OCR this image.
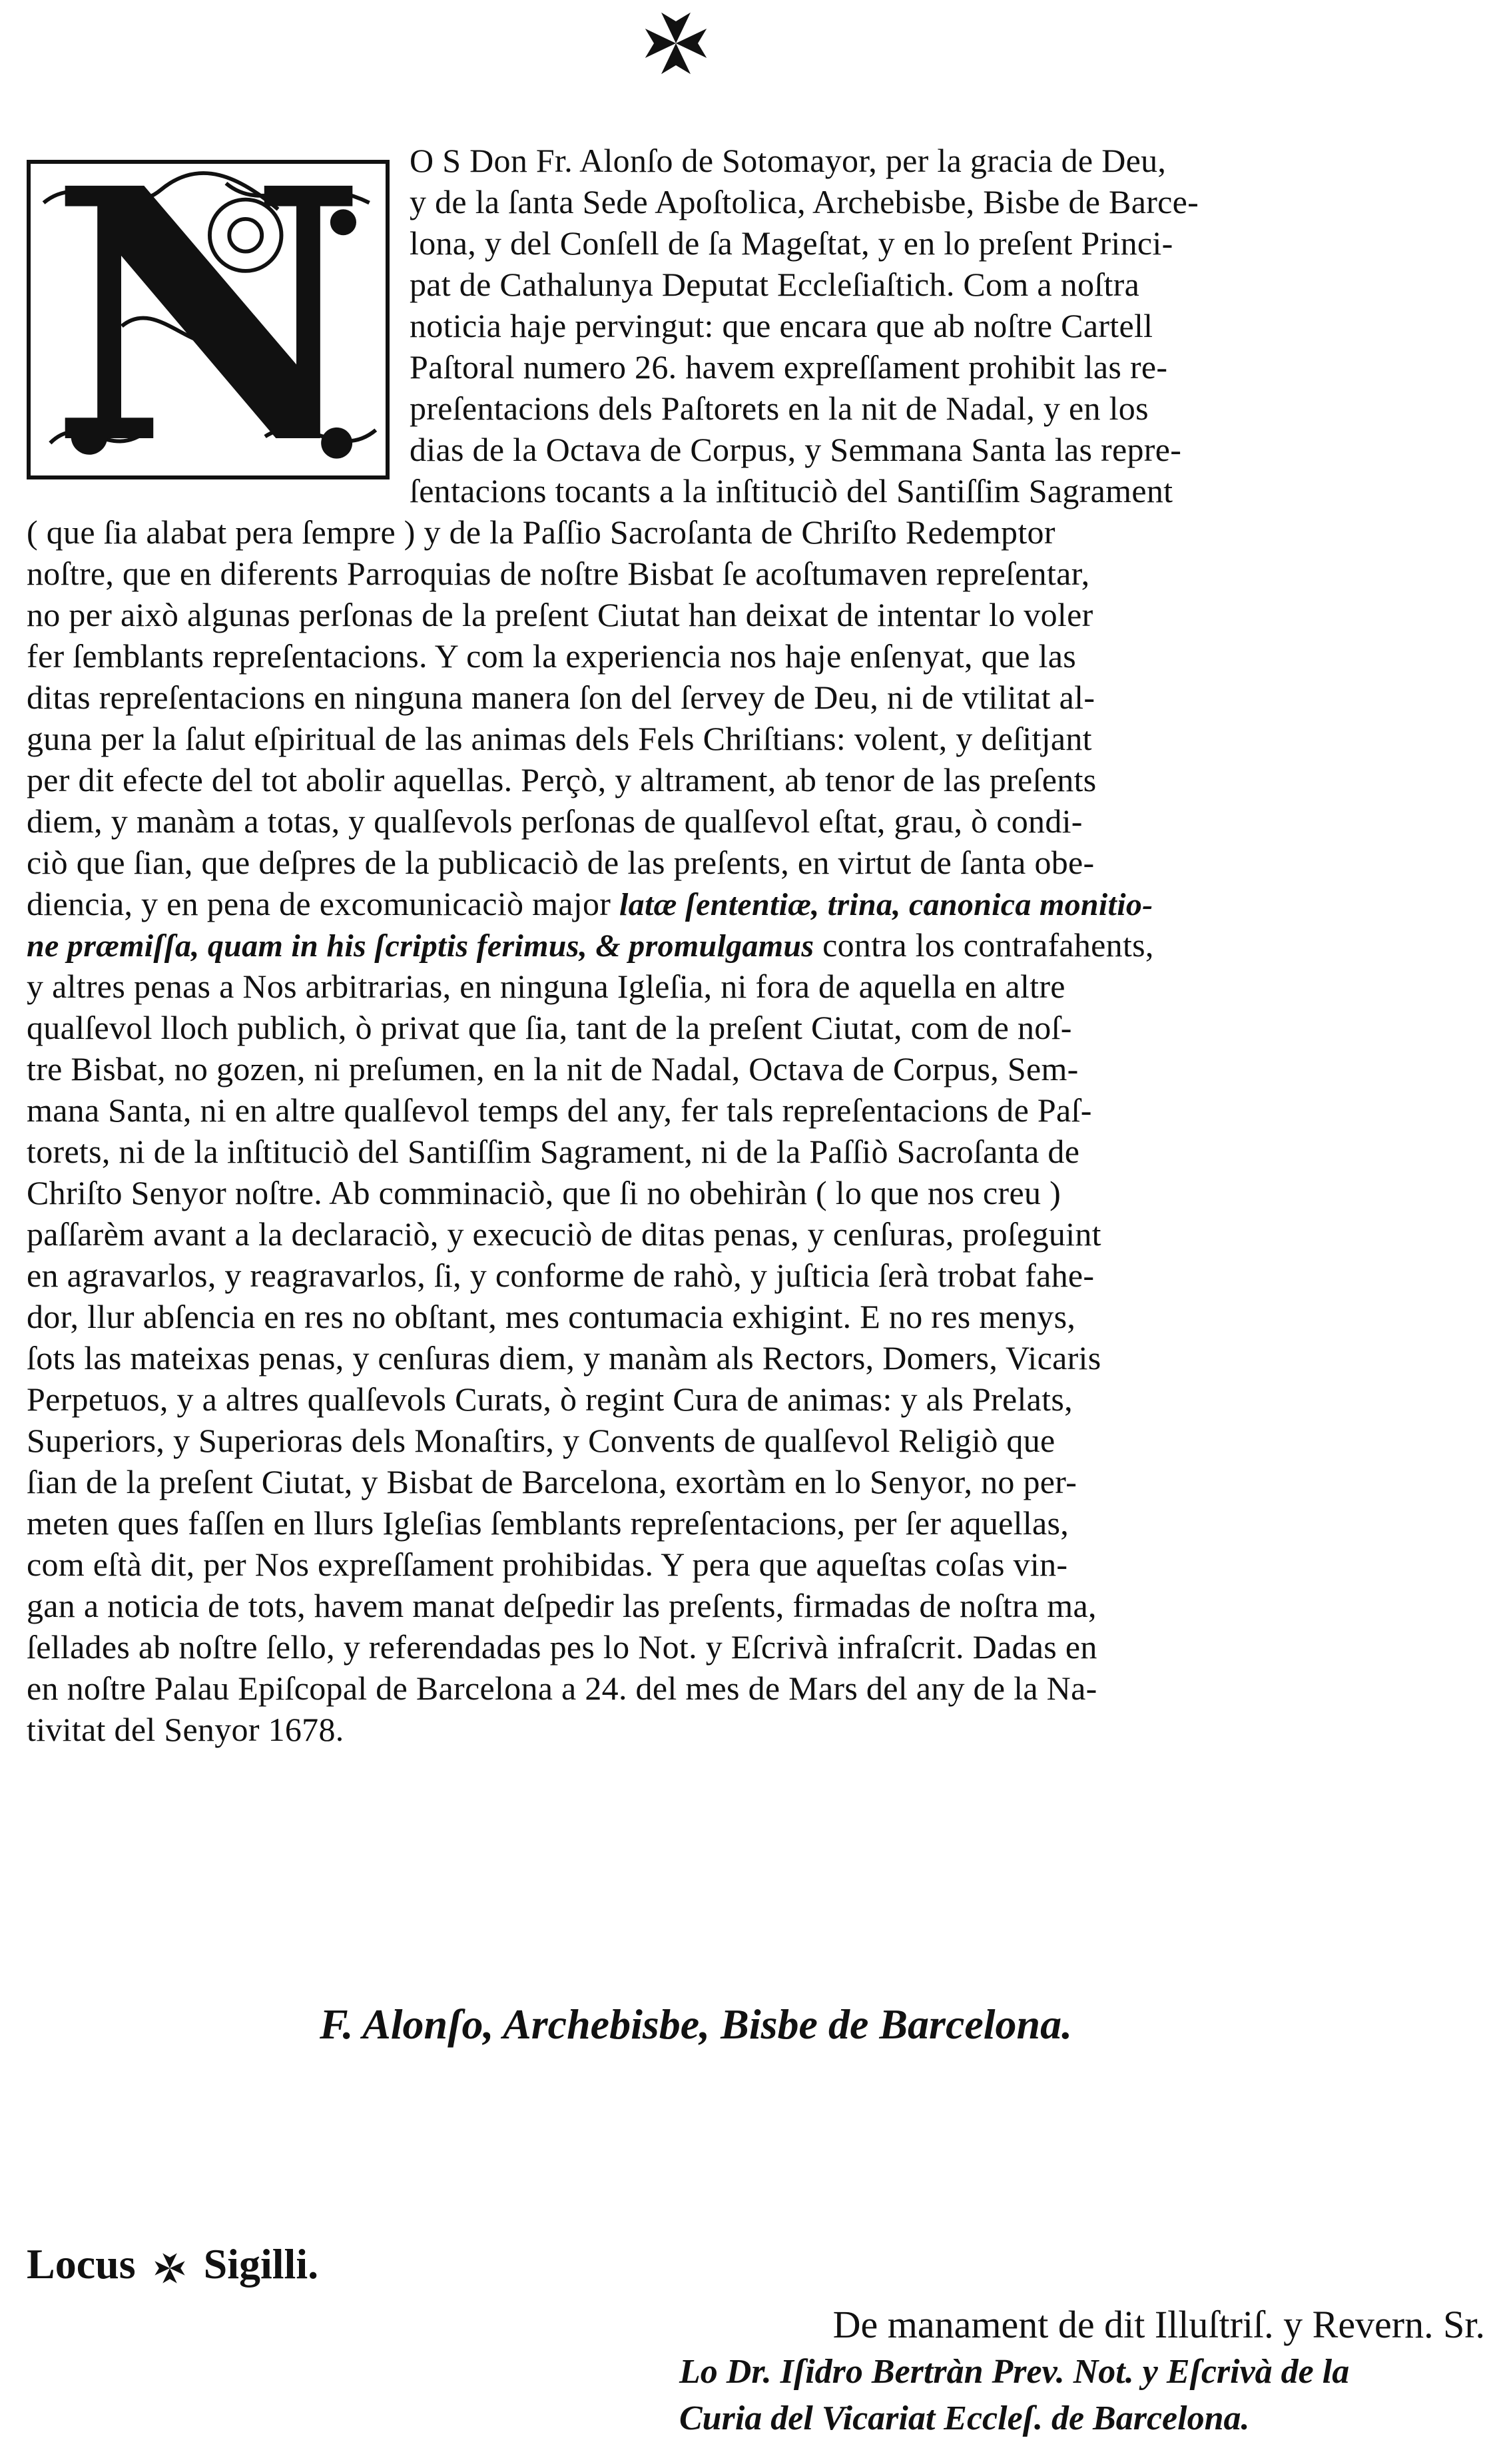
N	O S Don Fr. Alonſo de Sotomayor, per la gracia de Deu,
y de la ſanta Sede Apoſtolica, Archebisbe, Bisbe de Barce-
lona, y del Conſell de ſa Mageſtat, y en lo preſent Princi-
pat de Cathalunya Deputat Eccleſiaſtich. Com a noſtra
noticia haje pervingut: que encara que ab noſtre Cartell
Paſtoral numero 26. havem expreſſament prohibit las re-
preſentacions dels Paſtorets en la nit de Nadal, y en los
dias de la Octava de Corpus, y Semmana Santa las repre-
ſentacions tocants a la inſtituciò del Santiſſim Sagrament
( que ſia alabat pera ſempre ) y de la Paſſio Sacroſanta de Chriſto Redemptor
noſtre, que en diferents Parroquias de noſtre Bisbat ſe acoſtumaven repreſentar,
no per això algunas perſonas de la preſent Ciutat han deixat de intentar lo voler
fer ſemblants repreſentacions. Y com la experiencia nos haje enſenyat, que las
ditas repreſentacions en ninguna manera ſon del ſervey de Deu, ni de vtilitat al-
guna per la ſalut eſpiritual de las animas dels Fels Chriſtians: volent, y deſitjant
per dit efecte del tot abolir aquellas. Perçò, y altrament, ab tenor de las preſents
diem, y manàm a totas, y qualſevols perſonas de qualſevol eſtat, grau, ò condi-
ciò que ſian, que deſpres de la publicaciò de las preſents, en virtut de ſanta obe-
diencia, y en pena de excomunicaciò major latæ ſententiæ, trina, canonica monitio-
ne præmiſſa, quam in his ſcriptis ferimus, & promulgamus contra los contrafahents,
y altres penas a Nos arbitrarias, en ninguna Igleſia, ni fora de aquella en altre
qualſevol lloch publich, ò privat que ſia, tant de la preſent Ciutat, com de noſ-
tre Bisbat, no gozen, ni preſumen, en la nit de Nadal, Octava de Corpus, Sem-
mana Santa, ni en altre qualſevol temps del any, fer tals repreſentacions de Paſ-
torets, ni de la inſtituciò del Santiſſim Sagrament, ni de la Paſſiò Sacroſanta de
Chriſto Senyor noſtre. Ab comminaciò, que ſi no obehiràn ( lo que nos creu )
paſſarèm avant a la declaraciò, y execuciò de ditas penas, y cenſuras, proſeguint
en agravarlos, y reagravarlos, ſi, y conforme de rahò, y juſticia ſerà trobat fahe-
dor, llur abſencia en res no obſtant, mes contumacia exhigint. E no res menys,
ſots las mateixas penas, y cenſuras diem, y manàm als Rectors, Domers, Vicaris
Perpetuos, y a altres qualſevols Curats, ò regint Cura de animas: y als Prelats,
Superiors, y Superioras dels Monaſtirs, y Convents de qualſevol Religiò que
ſian de la preſent Ciutat, y Bisbat de Barcelona, exortàm en lo Senyor, no per-
meten ques faſſen en llurs Igleſias ſemblants repreſentacions, per ſer aquellas,
com eſtà dit, per Nos expreſſament prohibidas. Y pera que aqueſtas coſas vin-
gan a noticia de tots, havem manat deſpedir las preſents, firmadas de noſtra ma,
ſellades ab noſtre ſello, y referendadas pes lo Not. y Eſcrivà infraſcrit. Dadas en
en noſtre Palau Epiſcopal de Barcelona a 24. del mes de Mars del any de la Na-
tivitat del Senyor 1678.
F. Alonſo, Archebisbe, Bisbe de Barcelona.
Locus Sigilli.
De manament de dit Illuſtriſ. y Revern. Sr.
Lo Dr. Iſidro Bertràn Prev. Not. y Eſcrivà de la
Curia del Vicariat Eccleſ. de Barcelona.
